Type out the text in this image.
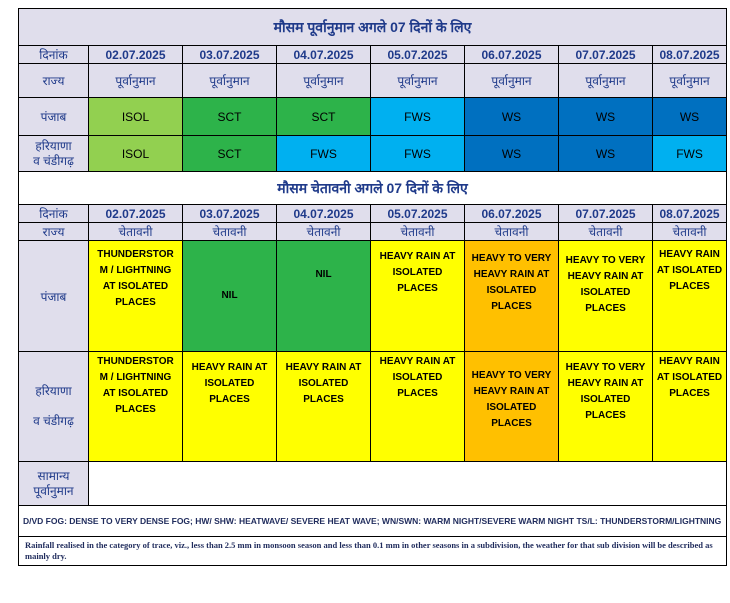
मौसम पूर्वानुमान अगले 07 दिनों के लिए							
दिनांक	02.07.2025	03.07.2025	04.07.2025	05.07.2025	06.07.2025	07.07.2025	08.07.2025
राज्य	पूर्वानुमान	पूर्वानुमान	पूर्वानुमान	पूर्वानुमान	पूर्वानुमान	पूर्वानुमान	पूर्वानुमान
पंजाब	ISOL	SCT	SCT	FWS	WS	WS	WS
हरियाणा
व चंडीगढ़	ISOL	SCT	FWS	FWS	WS	WS	FWS
मौसम चेतावनी अगले 07 दिनों के लिए							
दिनांक	02.07.2025	03.07.2025	04.07.2025	05.07.2025	06.07.2025	07.07.2025	08.07.2025
राज्य	चेतावनी	चेतावनी	चेतावनी	चेतावनी	चेतावनी	चेतावनी	चेतावनी
पंजाब	THUNDERSTOR
M / LIGHTNING
AT ISOLATED
PLACES	NIL	
NIL	HEAVY RAIN AT
ISOLATED
PLACES	HEAVY TO VERY
HEAVY RAIN AT
ISOLATED
PLACES	HEAVY TO VERY
HEAVY RAIN AT
ISOLATED
PLACES	HEAVY RAIN
AT ISOLATED
PLACES
हरियाणा

व चंडीगढ़	THUNDERSTOR
M / LIGHTNING
AT ISOLATED
PLACES	HEAVY RAIN AT
ISOLATED
PLACES	HEAVY RAIN AT
ISOLATED
PLACES	HEAVY RAIN AT
ISOLATED
PLACES	HEAVY TO VERY
HEAVY RAIN AT
ISOLATED
PLACES	HEAVY TO VERY
HEAVY RAIN AT
ISOLATED
PLACES	HEAVY RAIN
AT ISOLATED
PLACES
सामान्य
पूर्वानुमान							
D/VD FOG: DENSE TO VERY DENSE FOG; HW/ SHW: HEATWAVE/ SEVERE HEAT WAVE; WN/SWN: WARM NIGHT/SEVERE WARM NIGHT TS/L: THUNDERSTORM/LIGHTNING							
Rainfall realised in the category of trace, viz., less than 2.5 mm in monsoon season and less than 0.1 mm in other seasons in a subdivision, the weather for that sub division will be described as mainly dry.							
